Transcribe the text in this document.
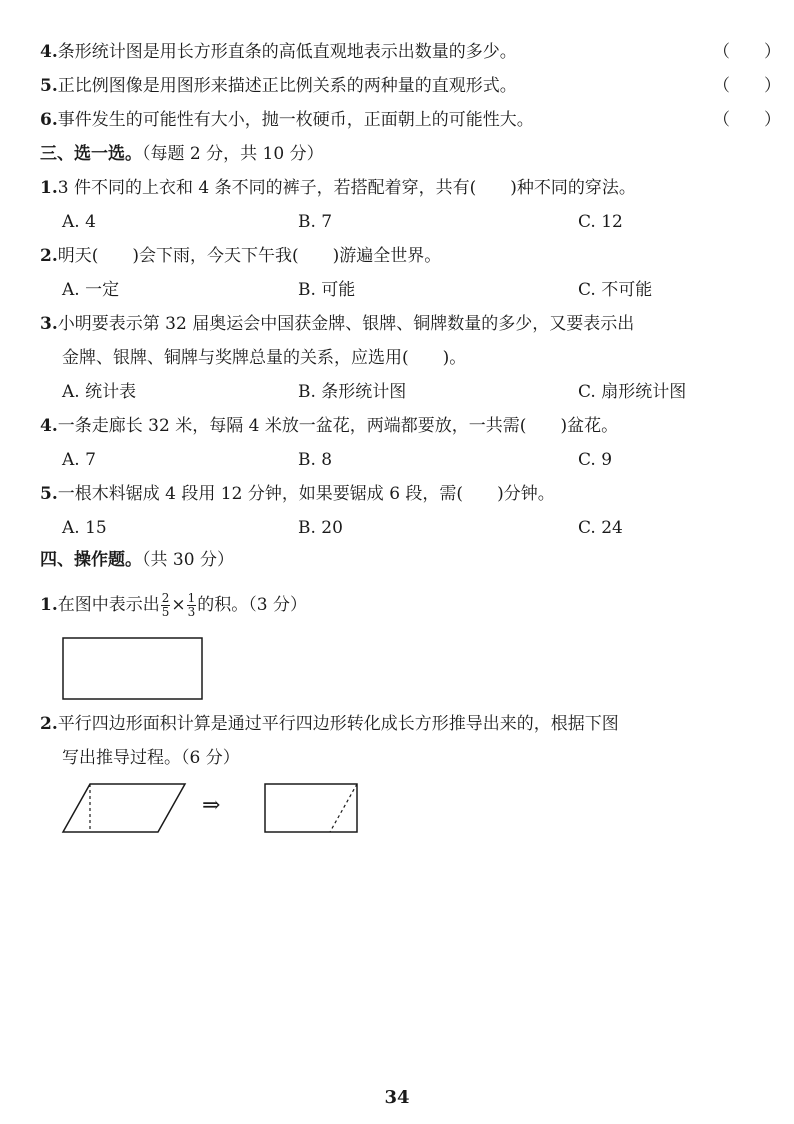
4.条形统计图是用长方形直条的高低直观地表示出数量的多少。	（　　）
5.正比例图像是用图形来描述正比例关系的两种量的直观形式。	（　　）
6.事件发生的可能性有大小，抛一枚硬币，正面朝上的可能性大。	（　　）
三、选一选。（每题 2 分，共 10 分）
1.3 件不同的上衣和 4 条不同的裤子，若搭配着穿，共有(　　)种不同的穿法。
A. 4	B. 7	C. 12
2.明天(　　)会下雨，今天下午我(　　)游遍全世界。
A. 一定	B. 可能	C. 不可能
3.小明要表示第 32 届奥运会中国获金牌、银牌、铜牌数量的多少，又要表示出
金牌、银牌、铜牌与奖牌总量的关系，应选用(　　)。
A. 统计表	B. 条形统计图	C. 扇形统计图
4.一条走廊长 32 米，每隔 4 米放一盆花，两端都要放，一共需(　　)盆花。
A. 7	B. 8	C. 9
5.一根木料锯成 4 段用 12 分钟，如果要锯成 6 段，需(　　)分钟。
A. 15	B. 20	C. 24
四、操作题。（共 30 分）
1.在图中表示出 $\frac{2}{5} \times \frac{1}{3}$ 的积。（3 分）
2.平行四边形面积计算是通过平行四边形转化成长方形推导出来的，根据下图
写出推导过程。（6 分）
⇒
34
